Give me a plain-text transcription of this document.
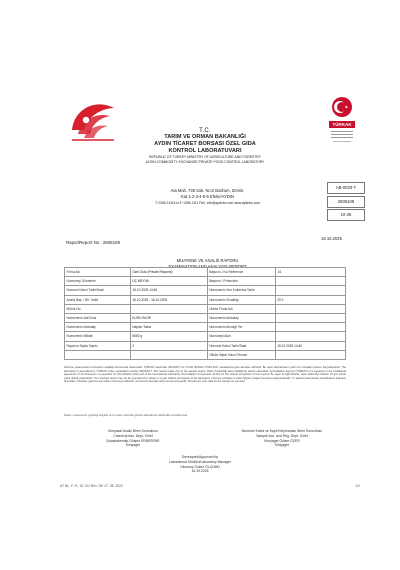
TÜRKAK
T.C.
TARIM VE ORMAN BAKANLIĞI
AYDIN TİCARET BORSASI ÖZEL GIDA
KONTROL LABORATUVARI
REPUBLIC OF TURKEY MINISTRY OF AGRICULTURE AND FORESTRY
AYDIN COMMODITY EXCHANGE PRIVATE FOOD CONTROL LABORATORY
Ata Mah. 738 Sok. No:2 Bodrum, Zemin,
Kat.1-2-3-4-5-6 Efeler/AYDIN
T: 0256 2131414-F: 0256 2111 FAX: info@aydinbo.com www.aydinbo.com
AB-0033-T
2505109
10-25
16.10.2025
Rapor/Report No : 2505109
MUAYENE VE ANALİZ RAPORU
EXAMINATION AND ANALYSIS REPORT
Firma Adı	Özel Gıda (Private Request)	Başvuru / No Reference	1/1
Numuneyi Gönderen	ÜÇ MEYVA	Başvuru / Protection	
Numune Kabul Tarihi/Saat	15.10.2025 14:40	Numunenin Son Kullanma Tarihi	
Analiz Baş. / Bit. Tarihi	15.10.2025 - 16.10.2025	Numunenin Sıcaklığı	20.2
Mühür No		Üretici Firma Adı	
Numunenin Adı/Cinsi	KURU İNCİR	Numunenin Ambalajı	
Numunenin Ambalajı	Naylon Torba	Numunenin Alındığı Yer	
Numunenin Miktarı	5000 g	Numuneyi Alan	
Raporun Sayfa Sayısı	2	Numune Kabul Tarihi/Saat	15.10.2025 14:40
		Ofisler İlişkin Hazır Firması	
Numune parametreleri sonuçların eksikliği durumunda nitelenebilir. TÜRKAK tarafından AB-0033-T ile TS EN ISO/IEC 17025:2017 standardına göre akredite edilmiştir. Bu rapor laboratuvarın yazılı izni olmadan kısmen kopyalanamaz. The laboratory is accredited by TÜRKAK under registration number AB-0033-T. Test results relate only to the sample tested. Ölçüm belirsizliği talep edildiğinde rapora eklenebilir. Accreditation Agency (TÜRKAK) is a signatory to the multilateral agreement of the European co-operation for Accreditation (EA) and of the International Laboratory Accreditation Cooperation (ILAC) for the mutual recognition of test reports. Bu rapor ile ilgili itirazlar, rapor tarihinden itibaren 15 gün içinde yazılı olarak yapılmalıdır. The analysis report may not be reproduced in whole or in part without permission of the laboratory. Numune ambalaj ve etiket bilgileri müşteri beyanına dayanmaktadır. (*) işaretli parametreler akreditasyon kapsamı dışındadır. Sonuçlar yalnızca test edilen numuneye ilişkindir, numunenin alındığı partiyi temsil etmeyebilir. Results are only valid for the sample as received.
Rapor, muayenenin yapıldığı koşullar ve bu rapor üzerinde görülen laboratuvar tarafından onaylanmıştır.
Kimyasal Analiz Birim Sorumlusu
Chemical Ass. Dept. Chief
Şubadabendip Gülşen ERBERENE
Kimyager
Numune Kabul ve Kayıt Ekipmanları Birim Sorumlusu
Sample Acc. and Reg. Dept. Chief
Kimyager Özlem ÖZER
Kimyager
Developed/Approved by
Laboratuvar Müdürü/Laboratory Manager
Okunkuç Özlem ÖLÇÜMÜ
16.10.2025
AT BL. F. Fr. 10. 01/ Rev. 05/ 17. 08. 2022	1/2
